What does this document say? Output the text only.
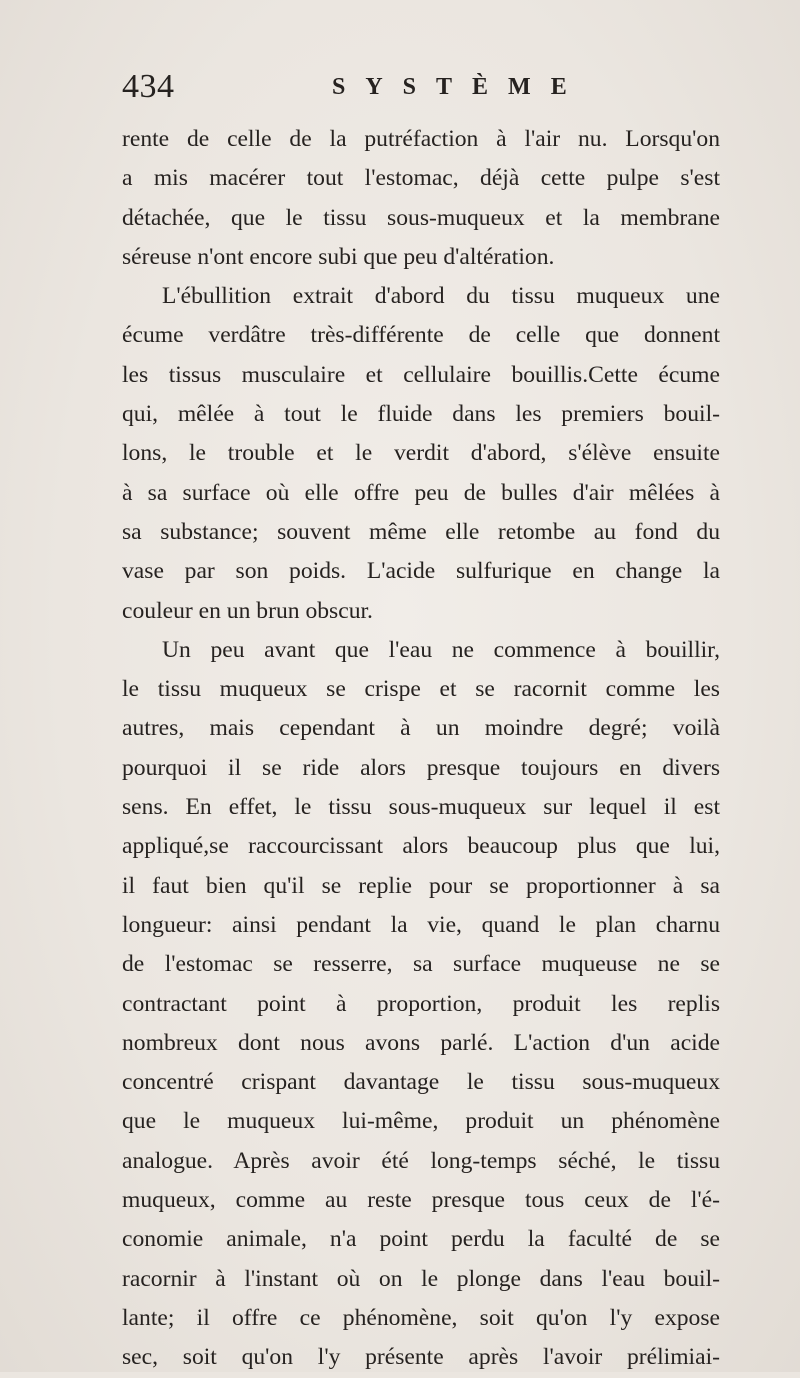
434	SYSTÈME
rente de celle de la putréfaction à l'air nu. Lorsqu'on
a mis macérer tout l'estomac, déjà cette pulpe s'est
détachée, que le tissu sous-muqueux et la membrane
séreuse n'ont encore subi que peu d'altération.
L'ébullition extrait d'abord du tissu muqueux une
écume verdâtre très-différente de celle que donnent
les tissus musculaire et cellulaire bouillis.Cette écume
qui, mêlée à tout le fluide dans les premiers bouil-
lons, le trouble et le verdit d'abord, s'élève ensuite
à sa surface où elle offre peu de bulles d'air mêlées à
sa substance; souvent même elle retombe au fond du
vase par son poids. L'acide sulfurique en change la
couleur en un brun obscur.
Un peu avant que l'eau ne commence à bouillir,
le tissu muqueux se crispe et se racornit comme les
autres, mais cependant à un moindre degré; voilà
pourquoi il se ride alors presque toujours en divers
sens. En effet, le tissu sous-muqueux sur lequel il est
appliqué,se raccourcissant alors beaucoup plus que lui,
il faut bien qu'il se replie pour se proportionner à sa
longueur: ainsi pendant la vie, quand le plan charnu
de l'estomac se resserre, sa surface muqueuse ne se
contractant point à proportion, produit les replis
nombreux dont nous avons parlé. L'action d'un acide
concentré crispant davantage le tissu sous-muqueux
que le muqueux lui-même, produit un phénomène
analogue. Après avoir été long-temps séché, le tissu
muqueux, comme au reste presque tous ceux de l'é-
conomie animale, n'a point perdu la faculté de se
racornir à l'instant où on le plonge dans l'eau bouil-
lante; il offre ce phénomène, soit qu'on l'y expose
sec, soit qu'on l'y présente après l'avoir prélimiai-
